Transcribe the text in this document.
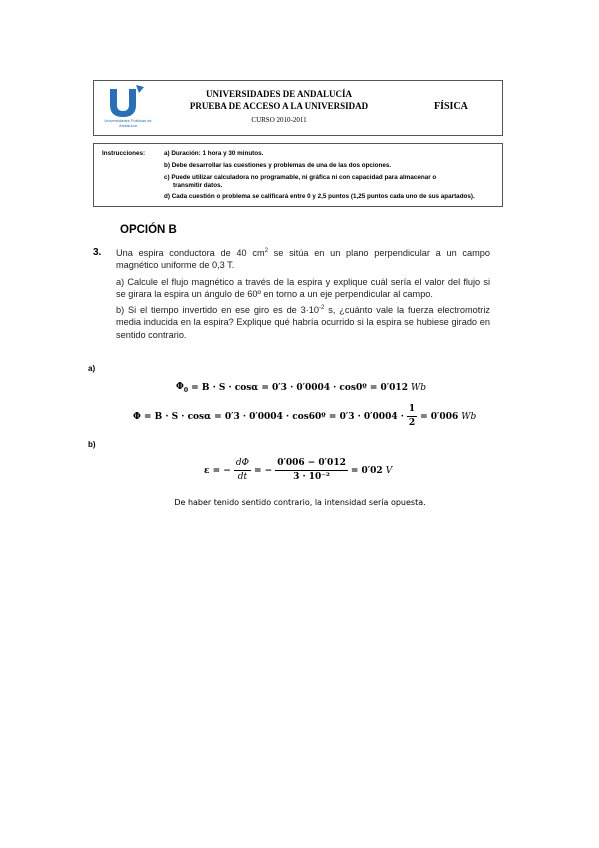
Universidades Públicas de Andalucía
UNIVERSIDADES DE ANDALUCÍA
PRUEBA DE ACCESO A LA UNIVERSIDAD
CURSO 2010-2011
FÍSICA
Instrucciones:	a) Duración: 1 hora y 30 minutos.
b) Debe desarrollar las cuestiones y problemas de una de las dos opciones.
c) Puede utilizar calculadora no programable, ni gráfica ni con capacidad para almacenar o
transmitir datos.
d) Cada cuestión o problema se calificará entre 0 y 2,5 puntos (1,25 puntos cada uno de sus apartados).
OPCIÓN B
3. Una espira conductora de 40 $cm^2$ se sitúa en un plano perpendicular a un campo magnético uniforme de 0,3 T.

a) Calcule el flujo magnético a través de la espira y explique cuál sería el valor del flujo si se girara la espira un ángulo de 60º en torno a un eje perpendicular al campo.

b) Si el tiempo invertido en ese giro es de $3\cdot 10^{-2}$ s, ¿cuánto vale la fuerza electromotriz media inducida en la espira? Explique qué habría ocurrido si la espira se hubiese girado en sentido contrario.

a)
$\Phi_0$
= B · S · cosα = 0′3 · 0′0004 · cos0º = 0′012 Wb
Φ
= B · S · cosα = 0′3 · 0′0004 · cos60º = $0'3 \cdot 0'0004 \cdot \frac{1}{2} = 0'006$ Wb
b)
ε = − $\frac{d\Phi}{dt}$ = − $\frac{0'006 - 0'012}{\text{3 · 10⁻²}} = 0'02$ V
De haber tenido sentido contrario, la intensidad sería opuesta.
